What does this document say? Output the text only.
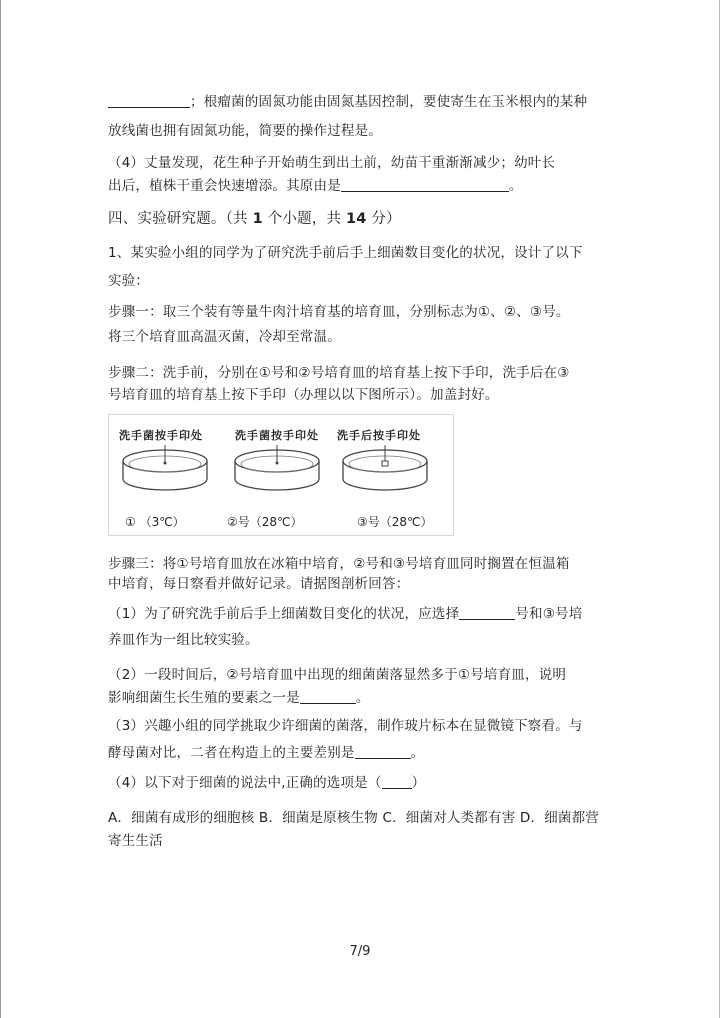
；根瘤菌的固氮功能由固氮基因控制，要使寄生在玉米根内的某种
放线菌也拥有固氮功能，简要的操作过程是。
（4）丈量发现，花生种子开始萌生到出土前，幼苗干重渐渐减少；幼叶长
出后，植株干重会快速增添。其原由是	。
四、实验研究题。（共 1 个小题，共 14 分）
1、某实验小组的同学为了研究洗手前后手上细菌数目变化的状况，设计了以下
实验：
步骤一：取三个装有等量牛肉汁培育基的培育皿，分别标志为①、②、③号。
将三个培育皿高温灭菌，冷却至常温。
步骤二：洗手前，分别在①号和②号培育皿的培育基上按下手印，洗手后在③
号培育皿的培育基上按下手印（办理以以下图所示）。加盖封好。
洗手菌按手印处	洗手菌按手印处 洗手后按手印处
① （3℃）	②号（28℃）	③号（28℃）
步骤三：将①号培育皿放在冰箱中培育，②号和③号培育皿同时搁置在恒温箱
中培育，每日察看并做好记录。请据图剖析回答：
（1）为了研究洗手前后手上细菌数目变化的状况，应选择	号和③号培
养皿作为一组比较实验。
（2）一段时间后，②号培育皿中出现的细菌菌落显然多于①号培育皿，说明
影响细菌生长生殖的要素之一是	。
（3）兴趣小组的同学挑取少许细菌的菌落，制作玻片标本在显微镜下察看。与
酵母菌对比，二者在构造上的主要差别是	。
（4）以下对于细菌的说法中,正确的选项是（ ）
A．细菌有成形的细胞核 B．细菌是原核生物 C．细菌对人类都有害 D．细菌都营
寄生生活
7/9
